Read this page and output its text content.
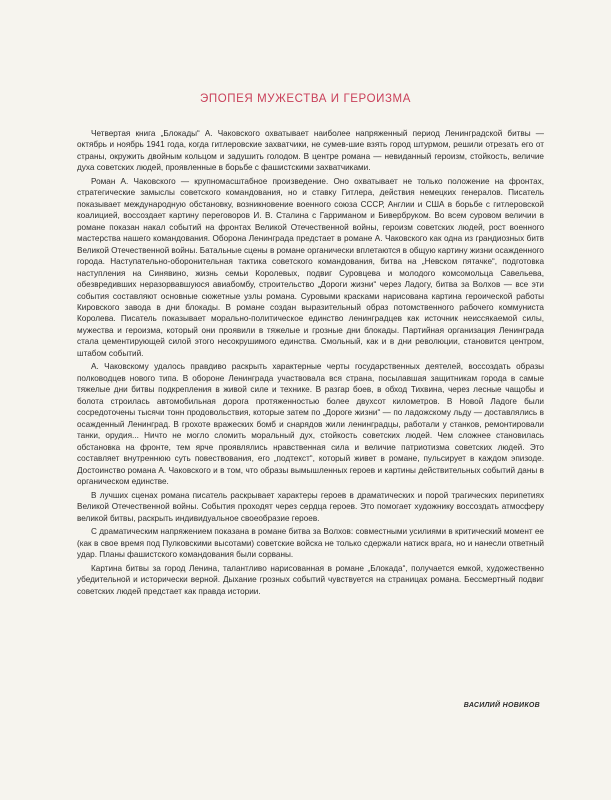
ЭПОПЕЯ МУЖЕСТВА И ГЕРОИЗМА

Четвертая книга „Блокады“ А. Чаковского охватывает наиболее напряженный период Ленинградской битвы — октябрь и ноябрь 1941 года, когда гитлеровские захватчики, не сумев-шие взять город штурмом, решили отрезать его от страны, окружить двойным кольцом и задушить голодом. В центре романа — невиданный героизм, стойкость, величие духа советских людей, проявленные в борьбе с фашистскими захватчиками.

Роман А. Чаковского — крупномасштабное произведение. Оно охватывает не только положение на фронтах, стратегические замыслы советского командования, но и ставку Гитлера, действия немецких генералов. Писатель показывает международную обстановку, возникновение военного союза СССР, Англии и США в борьбе с гитлеровской коалицией, воссоздает картину переговоров И. В. Сталина с Гарриманом и Бивербруком. Во всем суровом величии в романе показан накал событий на фронтах Великой Отечественной войны, героизм советских людей, рост военного мастерства нашего командования. Оборона Ленинграда предстает в романе А. Чаковского как одна из грандиозных битв Великой Отечественной войны. Батальные сцены в романе органически вплетаются в общую картину жизни осажденного города. Наступательно-оборонительная тактика советского командования, битва на „Невском пятачке“, подготовка наступления на Синявино, жизнь семьи Королевых, подвиг Суровцева и молодого комсомольца Савельева, обезвредивших неразорвавшуюся авиабомбу, строительство „Дороги жизни“ через Ладогу, битва за Волхов — все эти события составляют основные сюжетные узлы романа. Суровыми красками нарисована картина героической работы Кировского завода в дни блокады. В романе создан выразительный образ потомственного рабочего коммуниста Королева. Писатель показывает морально-политическое единство ленинградцев как источник неиссякаемой силы, мужества и героизма, который они проявили в тяжелые и грозные дни блокады. Партийная организация Ленинграда стала цементирующей силой этого несокрушимого единства. Смольный, как и в дни революции, становится центром, штабом событий.

А. Чаковскому удалось правдиво раскрыть характерные черты государственных деятелей, воссоздать образы полководцев нового типа. В обороне Ленинграда участвовала вся страна, посылавшая защитникам города в самые тяжелые дни битвы подкрепления в живой силе и технике. В разгар боев, в обход Тихвина, через лесные чащобы и болота строилась автомобильная дорога протяженностью более двухсот километров. В Новой Ладоге были сосредоточены тысячи тонн продовольствия, которые затем по „Дороге жизни“ — по ладожскому льду — доставлялись в осажденный Ленинград. В грохоте вражеских бомб и снарядов жили ленинградцы, работали у станков, ремонтировали танки, орудия... Ничто не могло сломить моральный дух, стойкость советских людей. Чем сложнее становилась обстановка на фронте, тем ярче проявлялись нравственная сила и величие патриотизма советских людей. Это составляет внутреннюю суть повествования, его „подтекст“, который живет в романе, пульсирует в каждом эпизоде. Достоинство романа А. Чаковского и в том, что образы вымышленных героев и картины действительных событий даны в органическом единстве.

В лучших сценах романа писатель раскрывает характеры героев в драматических и порой трагических перипетиях Великой Отечественной войны. События проходят через сердца героев. Это помогает художнику воссоздать атмосферу великой битвы, раскрыть индивидуальное своеобразие героев.

С драматическим напряжением показана в романе битва за Волхов: совместными усилиями в критический момент ее (как в свое время под Пулковскими высотами) советские войска не только сдержали натиск врага, но и нанесли ответный удар. Планы фашистского командования были сорваны.

Картина битвы за город Ленина, талантливо нарисованная в романе „Блокада“, получается емкой, художественно убедительной и исторически верной. Дыхание грозных событий чувствуется на страницах романа. Бессмертный подвиг советских людей предстает как правда истории.

ВАСИЛИЙ НОВИКОВ
